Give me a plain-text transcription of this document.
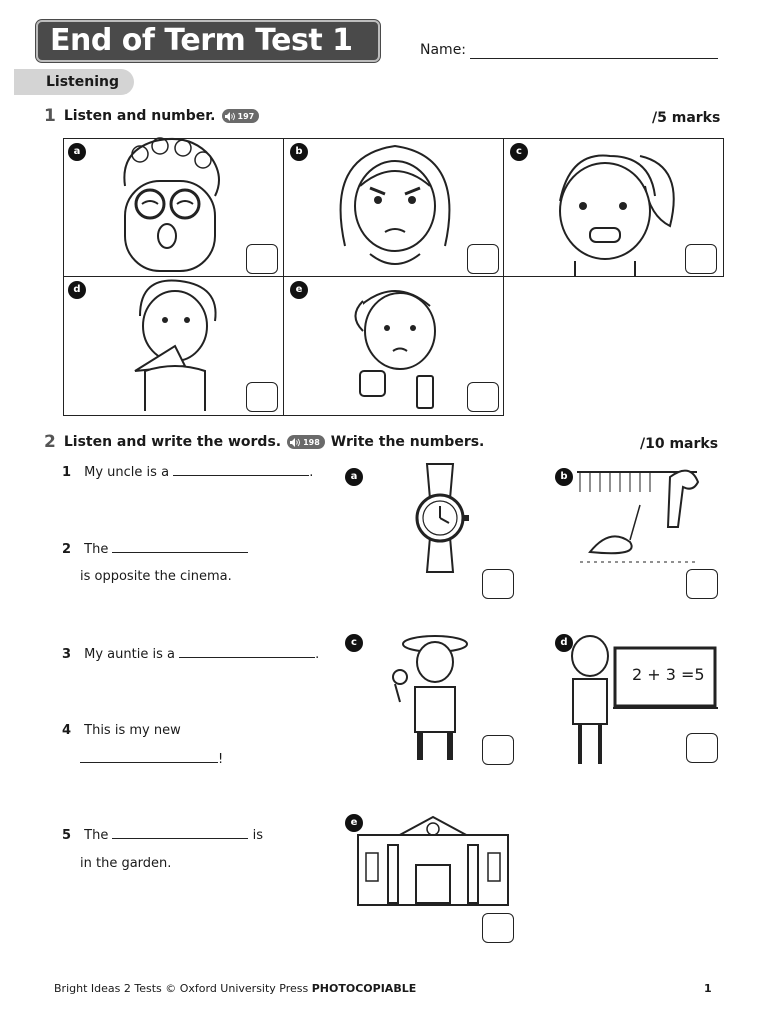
End of Term Test 1	Name:
Listening
1 Listen and number.	197	/5 marks
a	b	c
d	e
2 Listen and write the words.	198 Write the numbers.	/10 marks
1 My uncle is a	.
2 The
is opposite the cinema.
3 My auntie is a	.
4 This is my new
!
5 The	is
in the garden.
a	b
c	d
2 + 3 =5
e
Bright Ideas 2 Tests © Oxford University Press PHOTOCOPIABLE	1
